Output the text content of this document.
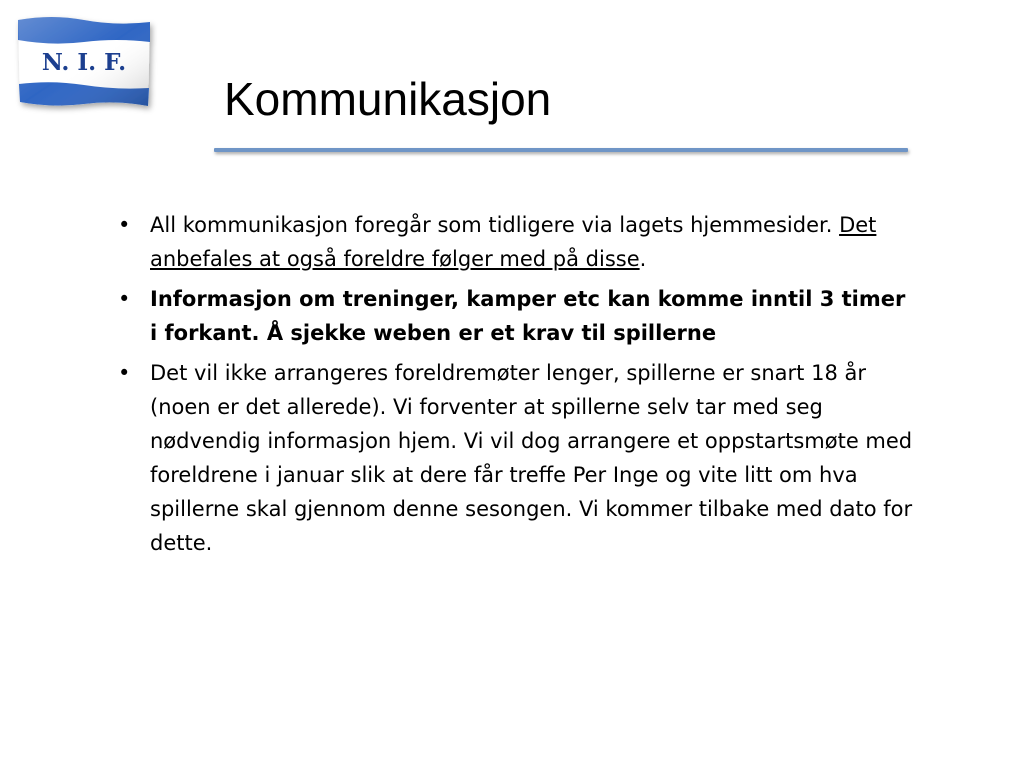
N. I. F.
Kommunikasjon
• All kommunikasjon foregår som tidligere via lagets hjemmesider. Det anbefales at også foreldre følger med på disse.
• Informasjon om treninger, kamper etc kan komme inntil 3 timer i forkant. Å sjekke weben er et krav til spillerne
• Det vil ikke arrangeres foreldremøter lenger, spillerne er snart 18 år (noen er det allerede). Vi forventer at spillerne selv tar med seg nødvendig informasjon hjem. Vi vil dog arrangere et oppstartsmøte med foreldrene i januar slik at dere får treffe Per Inge og vite litt om hva spillerne skal gjennom denne sesongen. Vi kommer tilbake med dato for dette.
